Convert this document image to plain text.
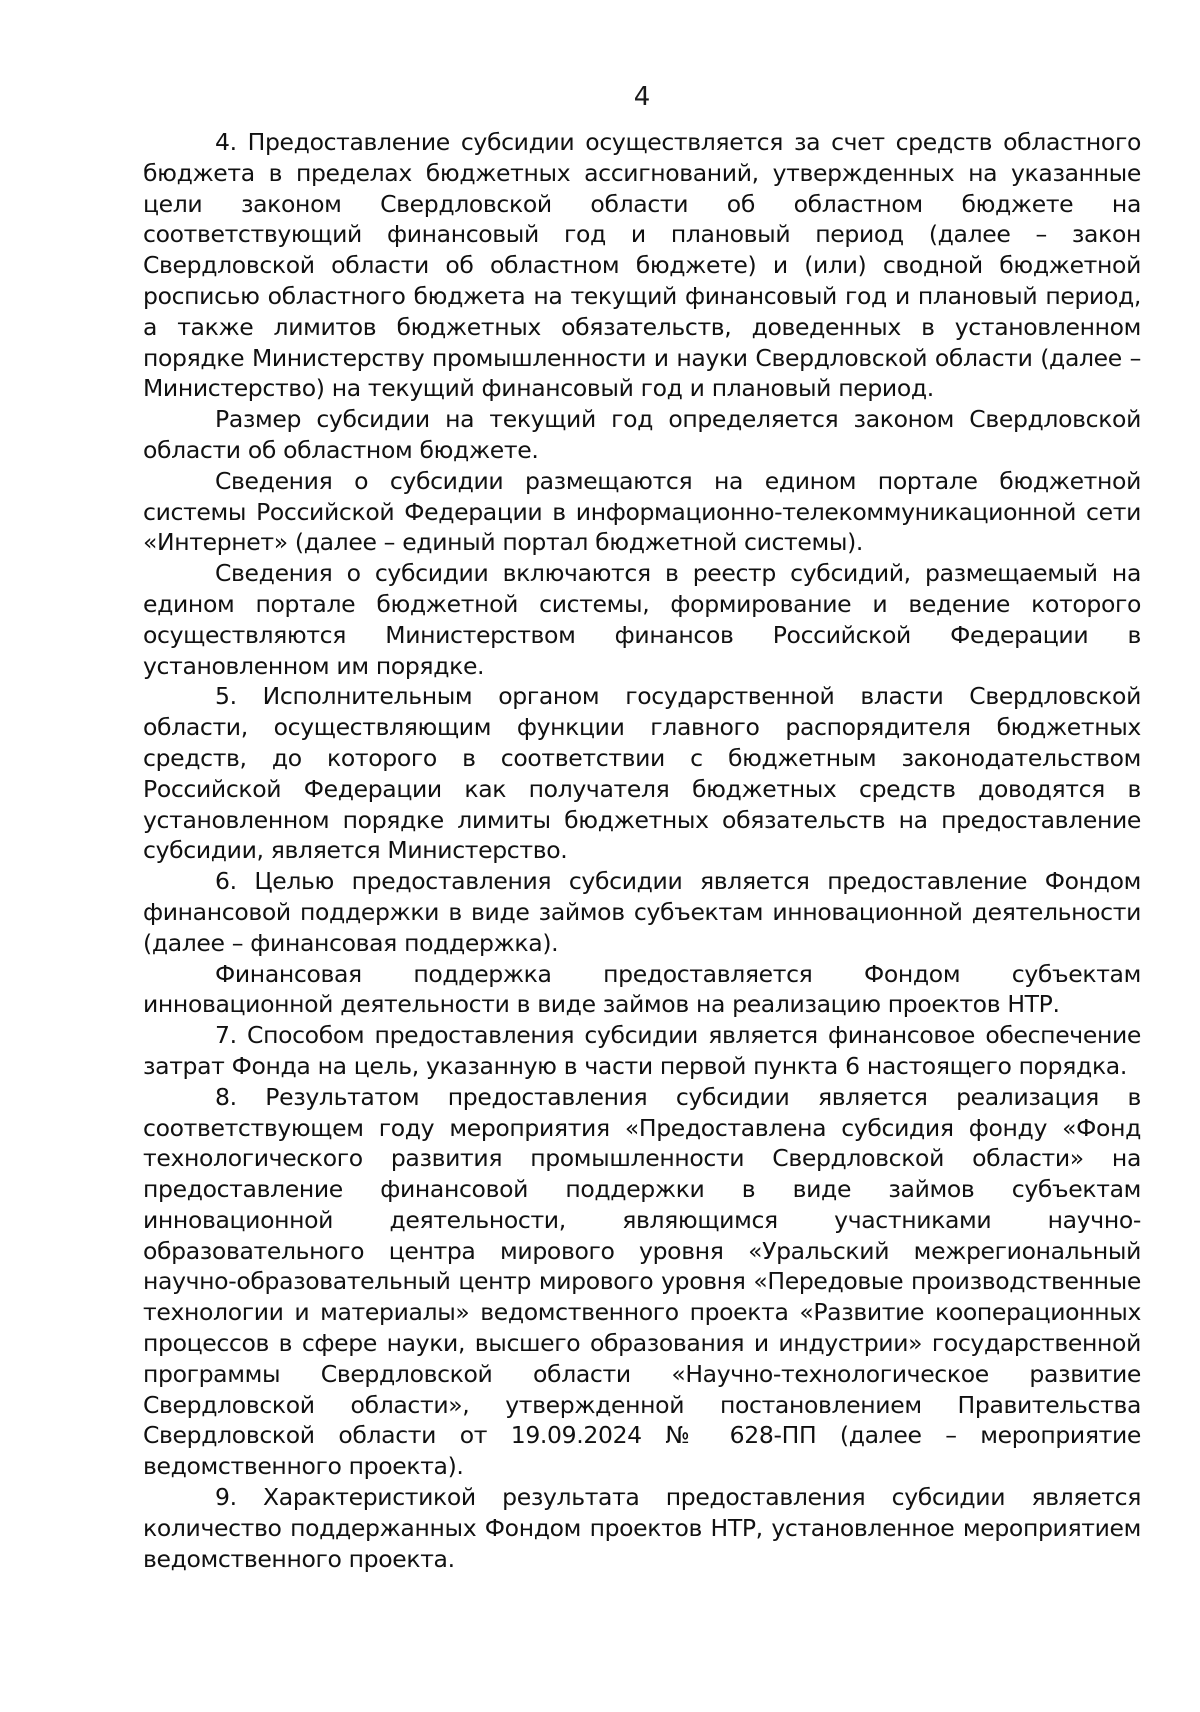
4

4. Предоставление субсидии осуществляется за счет средств областного бюджета в пределах бюджетных ассигнований, утвержденных на указанные цели законом Свердловской области об областном бюджете на соответствующий финансовый год и плановый период (далее – закон Свердловской области об областном бюджете) и (или) сводной бюджетной росписью областного бюджета на текущий финансовый год и плановый период, а также лимитов бюджетных обязательств, доведенных в установленном порядке Министерству промышленности и науки Свердловской области (далее – Министерство) на текущий финансовый год и плановый период.

Размер субсидии на текущий год определяется законом Свердловской области об областном бюджете.

Сведения о субсидии размещаются на едином портале бюджетной системы Российской Федерации в информационно-телекоммуникационной сети «Интернет» (далее – единый портал бюджетной системы).

Сведения о субсидии включаются в реестр субсидий, размещаемый на едином портале бюджетной системы, формирование и ведение которого осуществляются Министерством финансов Российской Федерации в установленном им порядке.

5. Исполнительным органом государственной власти Свердловской области, осуществляющим функции главного распорядителя бюджетных средств, до которого в соответствии с бюджетным законодательством Российской Федерации как получателя бюджетных средств доводятся в установленном порядке лимиты бюджетных обязательств на предоставление субсидии, является Министерство.

6. Целью предоставления субсидии является предоставление Фондом финансовой поддержки в виде займов субъектам инновационной деятельности (далее – финансовая поддержка).

Финансовая поддержка предоставляется Фондом субъектам инновационной деятельности в виде займов на реализацию проектов НТР.

7. Способом предоставления субсидии является финансовое обеспечение затрат Фонда на цель, указанную в части первой пункта 6 настоящего порядка.

8. Результатом предоставления субсидии является реализация в соответствующем году мероприятия «Предоставлена субсидия фонду «Фонд технологического развития промышленности Свердловской области» на предоставление финансовой поддержки в виде займов субъектам инновационной деятельности, являющимся участниками научно-образовательного центра мирового уровня «Уральский межрегиональный научно-образовательный центр мирового уровня «Передовые производственные технологии и материалы» ведомственного проекта «Развитие кооперационных процессов в сфере науки, высшего образования и индустрии» государственной программы Свердловской области «Научно-технологическое развитие Свердловской области», утвержденной постановлением Правительства Свердловской области от 19.09.2024 № 628-ПП (далее – мероприятие ведомственного проекта).

9. Характеристикой результата предоставления субсидии является количество поддержанных Фондом проектов НТР, установленное мероприятием ведомственного проекта.
